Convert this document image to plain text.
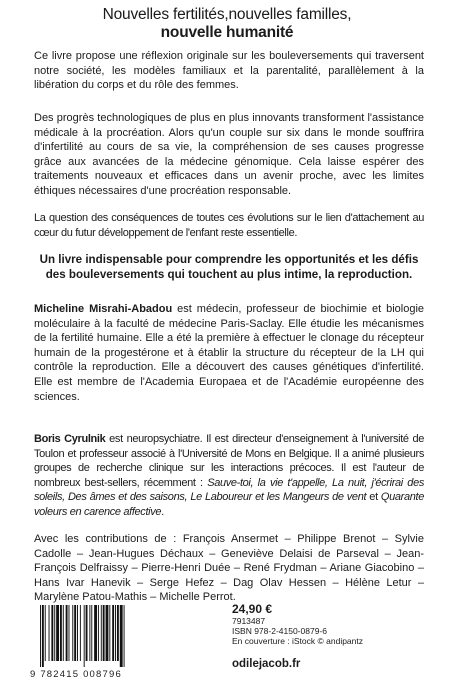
Nouvelles fertilités,nouvelles familles,
nouvelle humanité

Ce livre propose une réflexion originale sur les bouleversements qui traversent notre société, les modèles familiaux et la parentalité, parallèlement à la libération du corps et du rôle des femmes.

Des progrès technologiques de plus en plus innovants transforment l'assistance médicale à la procréation. Alors qu'un couple sur six dans le monde souffrira d'infertilité au cours de sa vie, la compréhension de ses causes progresse grâce aux avancées de la médecine génomique. Cela laisse espérer des traitements nouveaux et efficaces dans un avenir proche, avec les limites éthiques nécessaires d'une procréation responsable.

La question des conséquences de toutes ces évolutions sur le lien d'attachement au cœur du futur développement de l'enfant reste essentielle.

Un livre indispensable pour comprendre les opportunités et les défis des bouleversements qui touchent au plus intime, la reproduction.

Micheline Misrahi-Abadou est médecin, professeur de biochimie et biologie moléculaire à la faculté de médecine Paris-Saclay. Elle étudie les mécanismes de la fertilité humaine. Elle a été la première à effectuer le clonage du récepteur humain de la progestérone et à établir la structure du récepteur de la LH qui contrôle la reproduction. Elle a découvert des causes génétiques d'infertilité. Elle est membre de l'Academia Europaea et de l'Académie européenne des sciences.

Boris Cyrulnik est neuropsychiatre. Il est directeur d'enseignement à l'université de Toulon et professeur associé à l'Université de Mons en Belgique. Il a animé plusieurs groupes de recherche clinique sur les interactions précoces. Il est l'auteur de nombreux best-sellers, récemment : Sauve-toi, la vie t'appelle, La nuit, j'écrirai des soleils, Des âmes et des saisons, Le Laboureur et les Mangeurs de vent et Quarante voleurs en carence affective.

Avec les contributions de : François Ansermet – Philippe Brenot – Sylvie Cadolle – Jean-Hugues Déchaux – Geneviève Delaisi de Parseval – Jean-François Delfraissy – Pierre-Henri Duée – René Frydman – Ariane Giacobino – Hans Ivar Hanevik – Serge Hefez – Dag Olav Hessen – Hélène Letur – Marylène Patou-Mathis – Michelle Perrot.

9 782415 008796
24,90 €
7913487
ISBN 978-2-4150-0879-6
En couverture : iStock © andipantz
odilejacob.fr
